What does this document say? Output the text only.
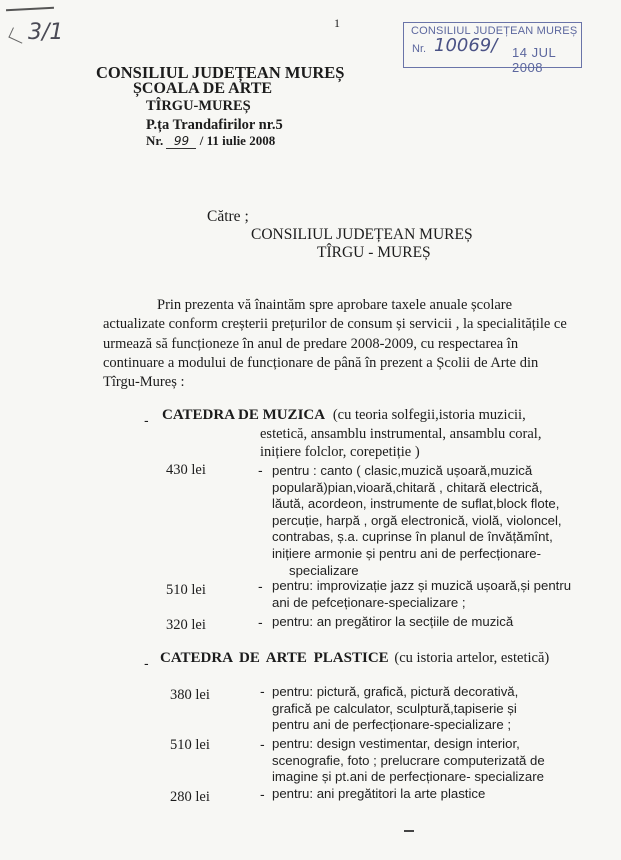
3/1	1
CONSILIUL JUDEȚEAN MUREȘ
Nr. 10069/ 14 JUL 2008
CONSILIUL JUDEȚEAN MUREȘ
ȘCOALA DE ARTE
TÎRGU-MUREȘ
P.ța Trandafirilor nr.5
Nr. 99 / 11 iulie 2008
Către ;
CONSILIUL JUDEȚEAN MUREȘ
TÎRGU - MUREȘ
Prin prezenta vă înaintăm spre aprobare taxele anuale școlare
actualizate conform creșterii prețurilor de consum și servicii , la specialitățile ce
urmează să funcționeze în anul de predare 2008-2009, cu respectarea în
continuare a modului de funcționare de până în prezent a Școlii de Arte din
Tîrgu-Mureș :
- CATEDRA DE MUZICA (cu teoria solfegii,istoria muzicii,
estetică, ansamblu instrumental, ansamblu coral,
inițiere folclor, corepetiție )
430 lei	- pentru : canto ( clasic,muzică ușoară,muzică
populară)pian,vioară,chitară , chitară electrică,
lăută, acordeon, instrumente de suflat,block flote,
percuție, harpă , orgă electronică, violă, violoncel,
contrabas, ș.a. cuprinse în planul de învățămînt,
inițiere armonie și pentru ani de perfecționare-
specializare
510 lei	- pentru: improvizație jazz și muzică ușoară,și pentru
ani de pefceționare-specializare ;
320 lei	- pentru: an pregătiror la secțiile de muzică
- CATEDRA DE ARTE PLASTICE (cu istoria artelor, estetică)
380 lei	- pentru: pictură, grafică, pictură decorativă,
grafică pe calculator, sculptură,tapiserie și
pentru ani de perfecționare-specializare ;
510 lei	- pentru: design vestimentar, design interior,
scenografie, foto ; prelucrare computerizată de
imagine și pt.ani de perfecționare- specializare
280 lei	- pentru: ani pregătitori la arte plastice
